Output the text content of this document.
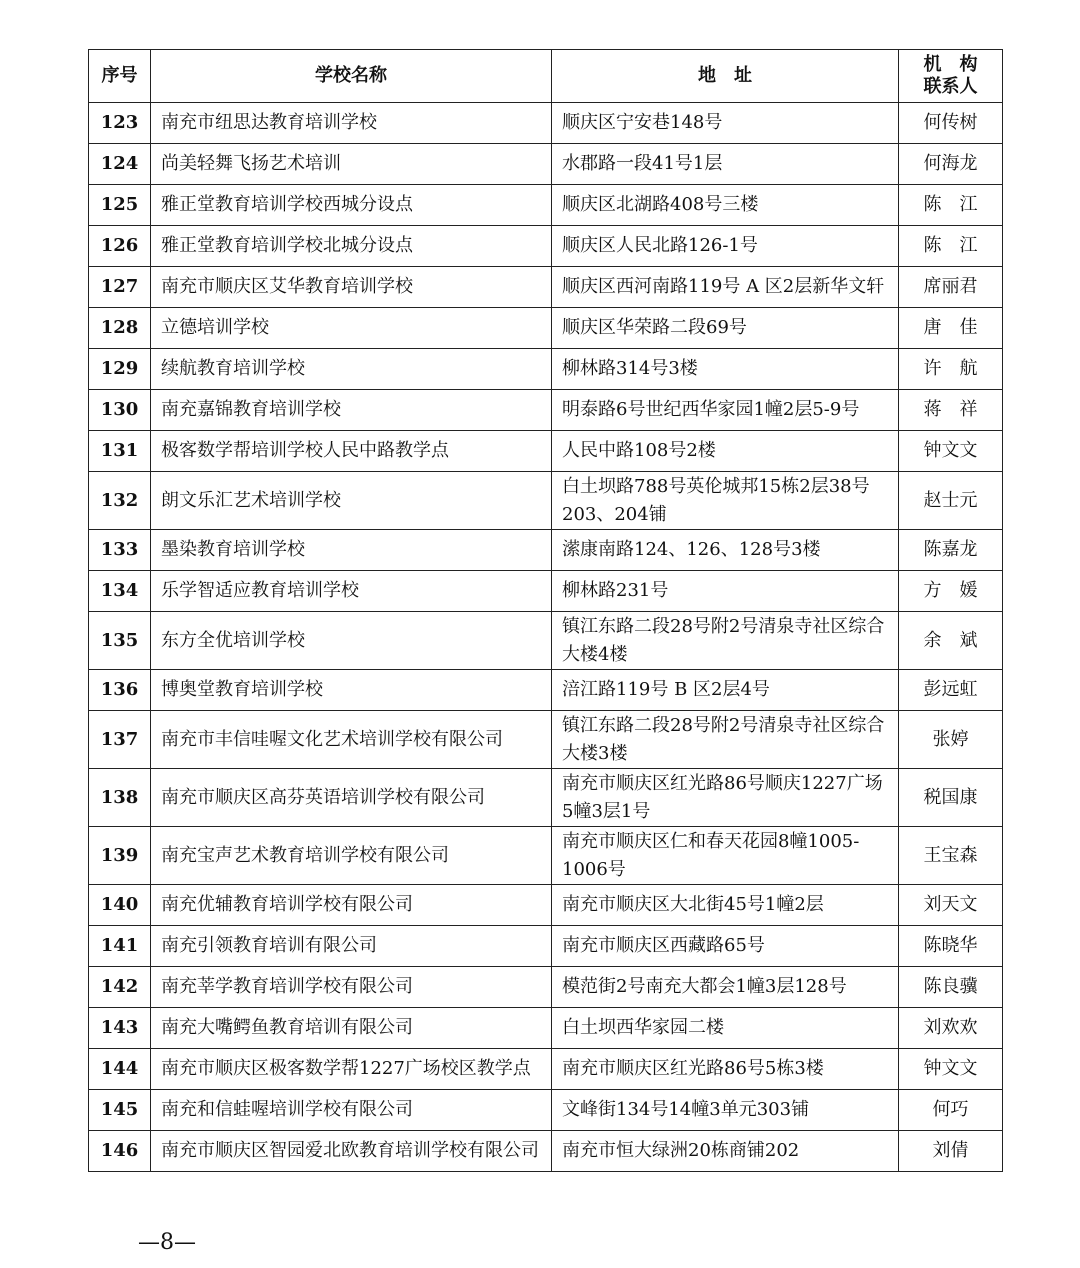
序号	学校名称	地　址	机　构
联系人

123	南充市纽思达教育培训学校	顺庆区宁安巷148号	何传树
124	尚美轻舞飞扬艺术培训	水郡路一段41号1层	何海龙
125	雅正堂教育培训学校西城分设点	顺庆区北湖路408号三楼	陈　江
126	雅正堂教育培训学校北城分设点	顺庆区人民北路126-1号	陈　江
127	南充市顺庆区艾华教育培训学校	顺庆区西河南路119号 A 区2层新华文轩	席丽君
128	立德培训学校	顺庆区华荣路二段69号	唐　佳
129	续航教育培训学校	柳林路314号3楼	许　航
130	南充嘉锦教育培训学校	明泰路6号世纪西华家园1幢2层5-9号	蒋　祥
131	极客数学帮培训学校人民中路教学点	人民中路108号2楼	钟文文
132	朗文乐汇艺术培训学校	白土坝路788号英伦城邦15栋2层38号203、204铺	赵士元
133	墨染教育培训学校	潆康南路124、126、128号3楼	陈嘉龙
134	乐学智适应教育培训学校	柳林路231号	方　媛
135	东方全优培训学校	镇江东路二段28号附2号清泉寺社区综合大楼4楼	余　斌
136	博奥堂教育培训学校	涪江路119号 B 区2层4号	彭远虹
137	南充市丰信哇喔文化艺术培训学校有限公司	镇江东路二段28号附2号清泉寺社区综合大楼3楼	张婷
138	南充市顺庆区高芬英语培训学校有限公司	南充市顺庆区红光路86号顺庆1227广场5幢3层1号	税国康
139	南充宝声艺术教育培训学校有限公司	南充市顺庆区仁和春天花园8幢1005-1006号	王宝森
140	南充优辅教育培训学校有限公司	南充市顺庆区大北街45号1幢2层	刘天文
141	南充引领教育培训有限公司	南充市顺庆区西藏路65号	陈晓华
142	南充莘学教育培训学校有限公司	模范街2号南充大都会1幢3层128号	陈良骥
143	南充大嘴鳄鱼教育培训有限公司	白土坝西华家园二楼	刘欢欢
144	南充市顺庆区极客数学帮1227广场校区教学点	南充市顺庆区红光路86号5栋3楼	钟文文
145	南充和信蛙喔培训学校有限公司	文峰街134号14幢3单元303铺	何巧
146	南充市顺庆区智园爱北欧教育培训学校有限公司	南充市恒大绿洲20栋商铺202	刘倩
—8—
